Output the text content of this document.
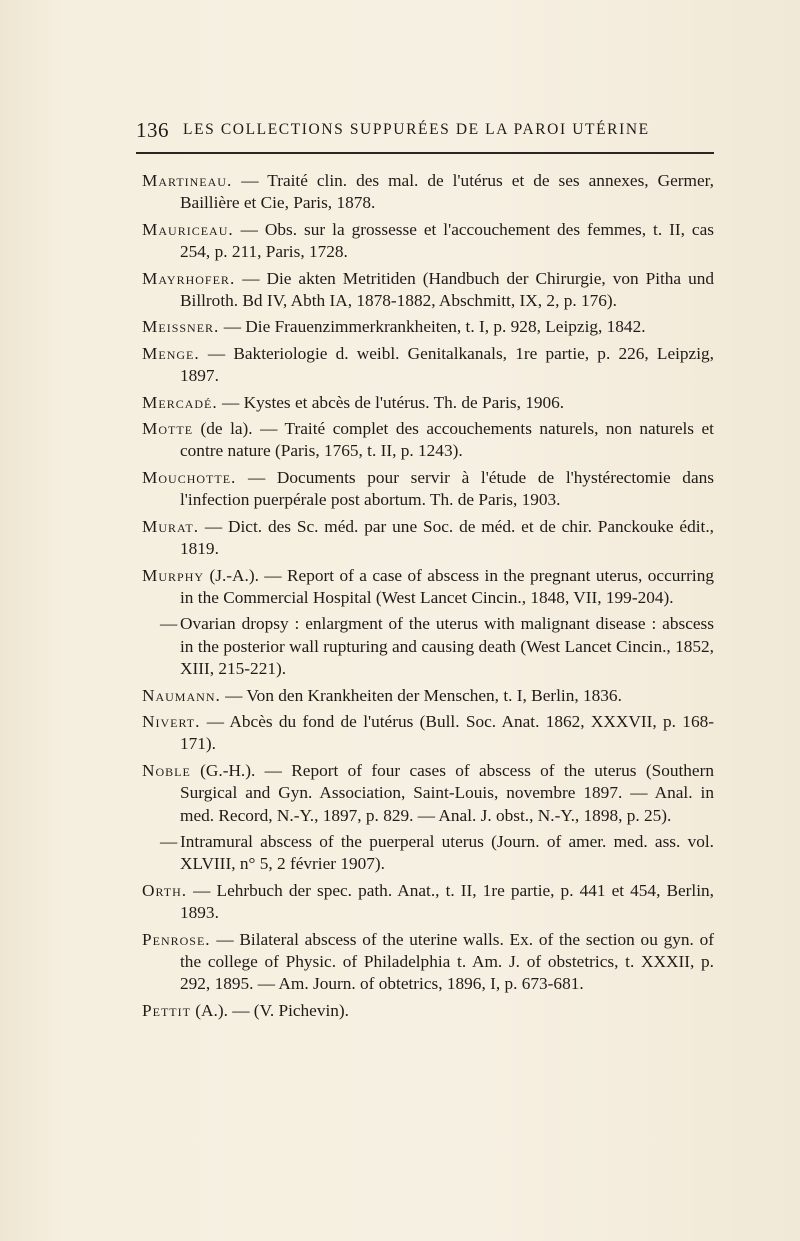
136 LES COLLECTIONS SUPPURÉES DE LA PAROI UTÉRINE

Martineau. — Traité clin. des mal. de l'utérus et de ses annexes, Germer, Baillière et Cie, Paris, 1878.

Mauriceau. — Obs. sur la grossesse et l'accouchement des femmes, t. II, cas 254, p. 211, Paris, 1728.

Mayrhofer. — Die akten Metritiden (Handbuch der Chirurgie, von Pitha und Billroth. Bd IV, Abth IA, 1878-1882, Abschmitt, IX, 2, p. 176).

Meissner. — Die Frauenzimmerkrankheiten, t. I, p. 928, Leipzig, 1842.

Menge. — Bakteriologie d. weibl. Genitalkanals, 1re partie, p. 226, Leipzig, 1897.

Mercadé. — Kystes et abcès de l'utérus. Th. de Paris, 1906.

Motte (de la). — Traité complet des accouchements naturels, non naturels et contre nature (Paris, 1765, t. II, p. 1243).

Mouchotte. — Documents pour servir à l'étude de l'hystérectomie dans l'infection puerpérale post abortum. Th. de Paris, 1903.

Murat. — Dict. des Sc. méd. par une Soc. de méd. et de chir. Panckouke édit., 1819.

Murphy (J.-A.). — Report of a case of abscess in the pregnant uterus, occurring in the Commercial Hospital (West Lancet Cincin., 1848, VII, 199-204).

— Ovarian dropsy : enlargment of the uterus with malignant disease : abscess in the posterior wall rupturing and causing death (West Lancet Cincin., 1852, XIII, 215-221).

Naumann. — Von den Krankheiten der Menschen, t. I, Berlin, 1836.

Nivert. — Abcès du fond de l'utérus (Bull. Soc. Anat. 1862, XXXVII, p. 168-171).

Noble (G.-H.). — Report of four cases of abscess of the uterus (Southern Surgical and Gyn. Association, Saint-Louis, novembre 1897. — Anal. in med. Record, N.-Y., 1897, p. 829. — Anal. J. obst., N.-Y., 1898, p. 25).

— Intramural abscess of the puerperal uterus (Journ. of amer. med. ass. vol. XLVIII, n° 5, 2 février 1907).

Orth. — Lehrbuch der spec. path. Anat., t. II, 1re partie, p. 441 et 454, Berlin, 1893.

Penrose. — Bilateral abscess of the uterine walls. Ex. of the section ou gyn. of the college of Physic. of Philadelphia t. Am. J. of obstetrics, t. XXXII, p. 292, 1895. — Am. Journ. of obtetrics, 1896, I, p. 673-681.

Pettit (A.). — (V. Pichevin).
